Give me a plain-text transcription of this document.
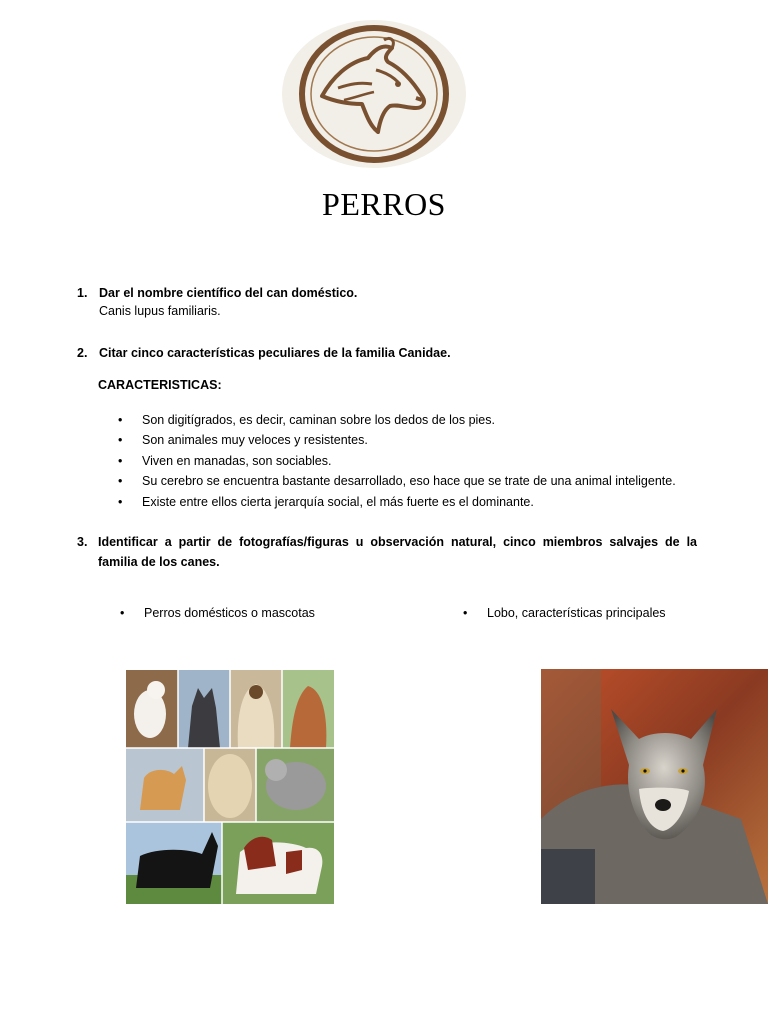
PERROS
1. Dar el nombre científico del can doméstico.
Canis lupus familiaris.
2. Citar cinco características peculiares de la familia Canidae.
CARACTERISTICAS:
• Son digitígrados, es decir, caminan sobre los dedos de los pies.
• Son animales muy veloces y resistentes.
• Viven en manadas, son sociables.
• Su cerebro se encuentra bastante desarrollado, eso hace que se trate de una animal inteligente.
• Existe entre ellos cierta jerarquía social, el más fuerte es el dominante.
3. Identificar a partir de fotografías/figuras u observación natural, cinco miembros salvajes de la familia de los canes.
• Perros domésticos o mascotas	• Lobo, características principales
